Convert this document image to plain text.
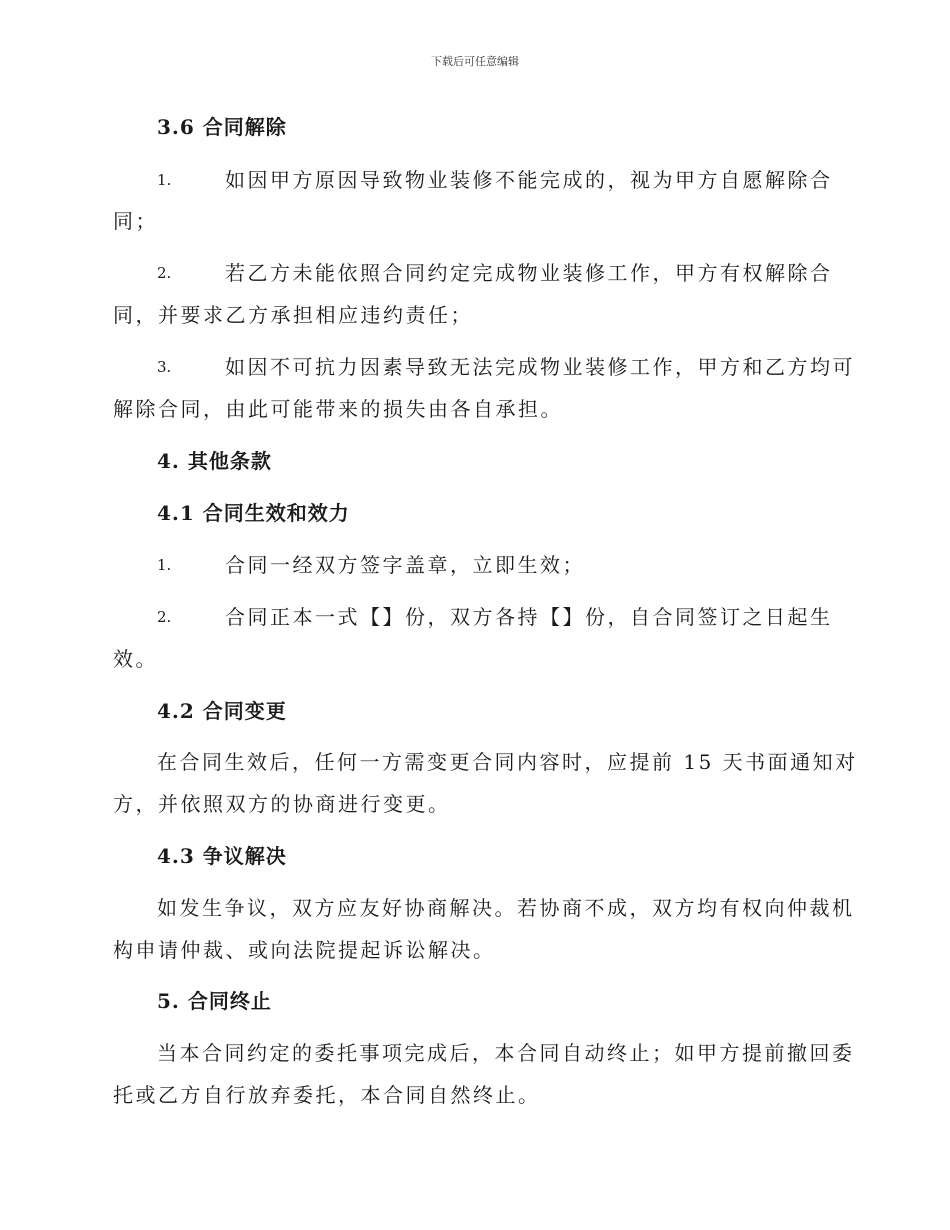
下载后可任意编辑
3.6 合同解除
1.	如因甲方原因导致物业装修不能完成的，视为甲方自愿解除合
同；
2.	若乙方未能依照合同约定完成物业装修工作，甲方有权解除合
同，并要求乙方承担相应违约责任；
3.	如因不可抗力因素导致无法完成物业装修工作，甲方和乙方均可
解除合同，由此可能带来的损失由各自承担。
4. 其他条款
4.1 合同生效和效力
1.	合同一经双方签字盖章，立即生效；
2.	合同正本一式【】份，双方各持【】份，自合同签订之日起生
效。
4.2 合同变更
在合同生效后，任何一方需变更合同内容时，应提前 15 天书面通知对
方，并依照双方的协商进行变更。
4.3 争议解决
如发生争议，双方应友好协商解决。若协商不成，双方均有权向仲裁机
构申请仲裁、或向法院提起诉讼解决。
5. 合同终止
当本合同约定的委托事项完成后，本合同自动终止；如甲方提前撤回委
托或乙方自行放弃委托，本合同自然终止。
